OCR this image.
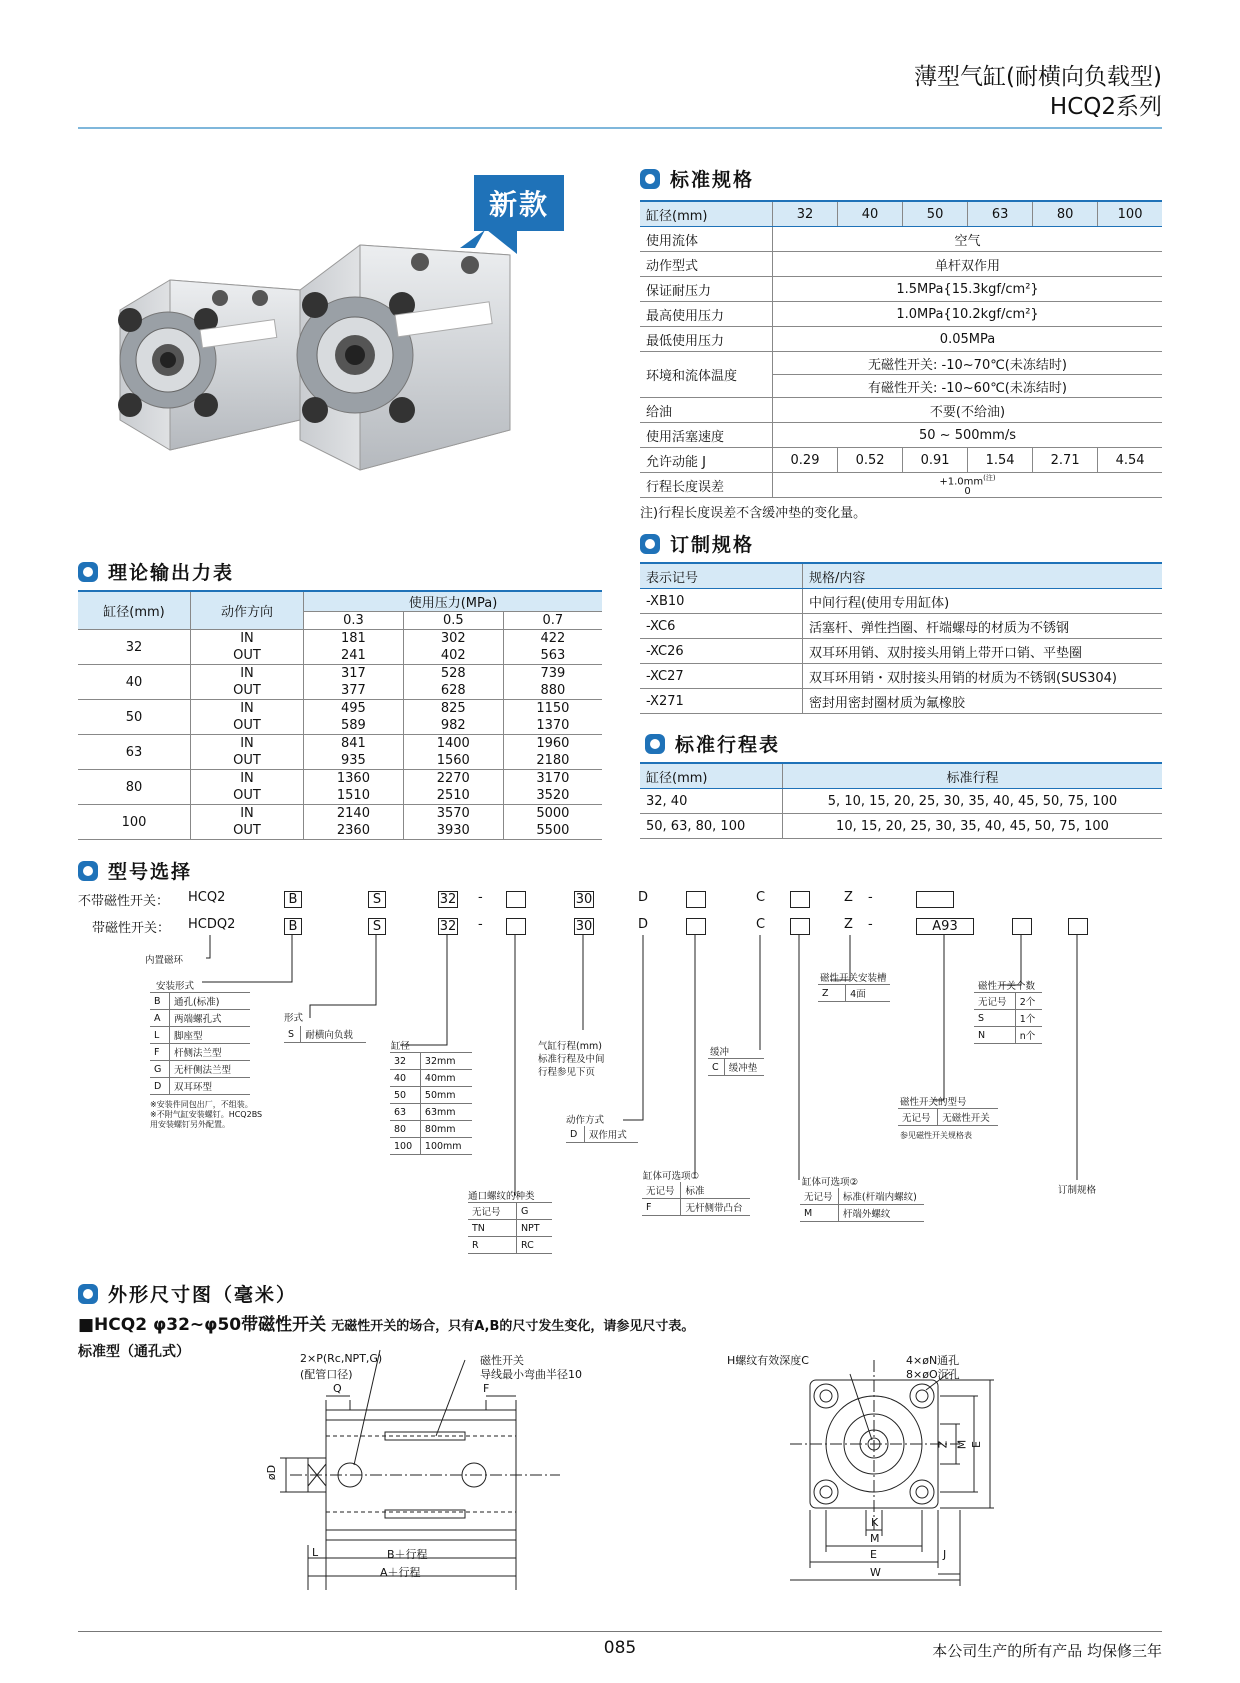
薄型气缸(耐横向负载型)
HCQ2系列
新款
标准规格
缸径(mm)	32	40	50	63	80	100
使用流体	空气					
动作型式	单杆双作用					
保证耐压力	1.5MPa{15.3kgf/cm²}					
最高使用压力	1.0MPa{10.2kgf/cm²}					
最低使用压力	0.05MPa					
环境和流体温度	无磁性开关: -10~70℃(未冻结时)					
	有磁性开关: -10~60℃(未冻结时)					
给油	不要(不给油)					
使用活塞速度	50 ~ 500mm/s					
允许动能 J	0.29	0.52	0.91	1.54	2.71	4.54
行程长度误差	$+1.0mm^{(注)}$
0					
注)行程长度误差不含缓冲垫的变化量。
订制规格
表示记号	规格/内容
-XB10	中间行程(使用专用缸体)
-XC6	活塞杆、弹性挡圈、杆端螺母的材质为不锈钢
-XC26	双耳环用销、双肘接头用销上带开口销、平垫圈
-XC27	双耳环用销・双肘接头用销的材质为不锈钢(SUS304)
-X271	密封用密封圈材质为氟橡胶
标准行程表
缸径(mm)	标准行程
32, 40	5, 10, 15, 20, 25, 30, 35, 40, 45, 50, 75, 100
50, 63, 80, 100	10, 15, 20, 25, 30, 35, 40, 45, 50, 75, 100
理论输出力表
缸径(mm)	动作方向	使用压力(MPa)		
		0.3	0.5	0.7
32	IN	181	302	422
	OUT	241	402	563
40	IN	317	528	739
	OUT	377	628	880
50	IN	495	825	1150
	OUT	589	982	1370
63	IN	841	1400	1960
	OUT	935	1560	2180
80	IN	1360	2270	3170
	OUT	1510	2510	3520
100	IN	2140	3570	5000
	OUT	2360	3930	5500
型号选择
不带磁性开关： HCQ2
带磁性开关： HCDQ2
B
B
S
S
32
32
-
-
30
30
D
D
C
C
Z
Z
-
-	A93
内置磁环
安装形式
B	通孔(标准)
A	两端螺孔式
L	脚座型
F	杆侧法兰型
G	无杆侧法兰型
D	双耳环型
※安装件同包出厂，不组装。
※不附气缸安装螺钉。HCQ2BS
用安装螺钉另外配置。
形式
S	耐横向负载
缸径
32	32mm
40	40mm
50	50mm
63	63mm
80	80mm
100	100mm
通口螺纹的种类
无记号	G
TN	NPT
R	RC
气缸行程(mm)
标准行程及中间
行程参见下页
动作方式
D	双作用式
缓冲
C	缓冲垫
缸体可选项①
无记号	标准
F	无杆侧带凸台
缸体可选项②
无记号	标准(杆端内螺纹)
M	杆端外螺纹
磁性开关安装槽
Z	4面
磁性开关的型号
无记号	无磁性开关
参见磁性开关规格表
磁性开关个数
无记号	2个
S	1个
N	n个
订制规格
外形尺寸图（毫米）
■HCQ2 φ32~φ50带磁性开关 无磁性开关的场合，只有A,B的尺寸发生变化，请参见尺寸表。
标准型（通孔式）	2×P(Rc,NPT,G)
(配管口径)
磁性开关
导线最小弯曲半径10
Q	F
øD
L	B＋行程
A＋行程
H螺纹有效深度C	4×øN通孔
8×øO沉孔
Z M E
K
M
E	J
W
085	本公司生产的所有产品 均保修三年
